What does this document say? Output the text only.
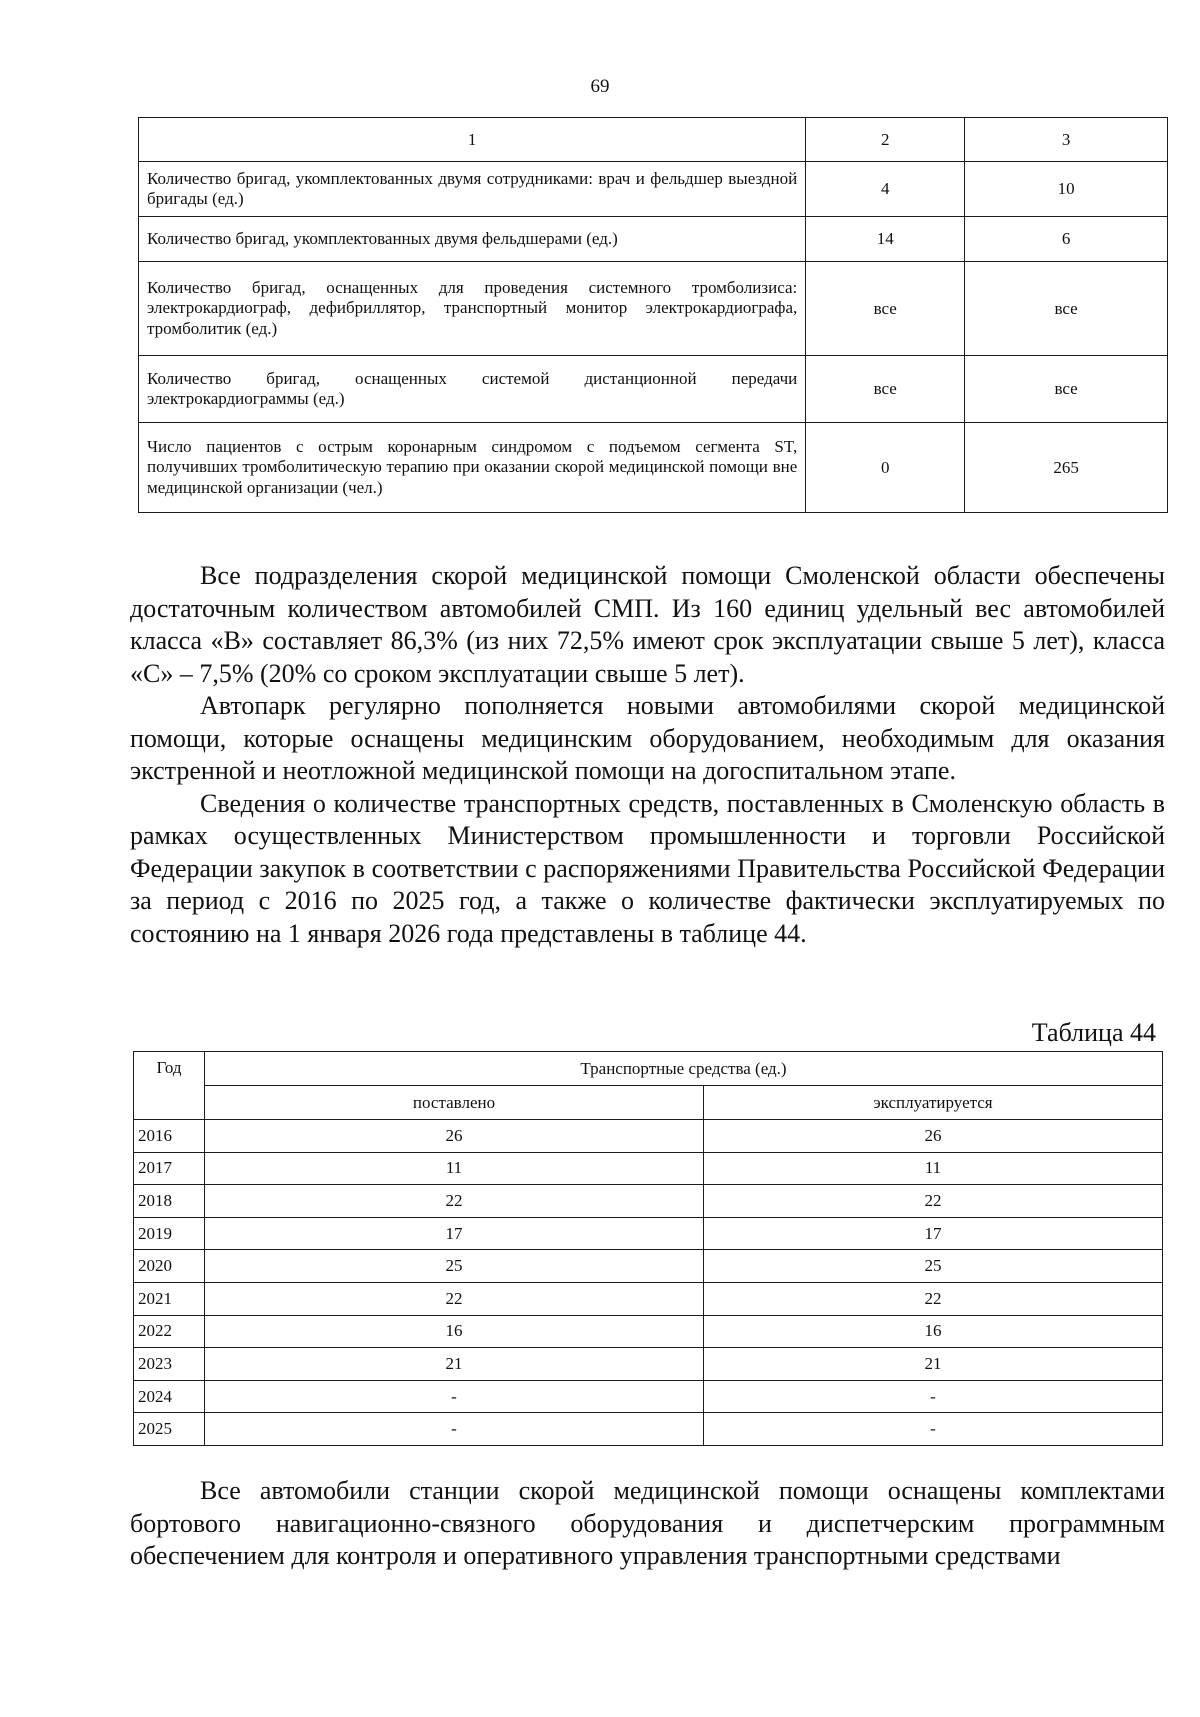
69
1	2	3
Количество бригад, укомплектованных двумя сотрудниками: врач и фельдшер выездной бригады (ед.)	4	10
Количество бригад, укомплектованных двумя фельдшерами (ед.)	14	6
Количество бригад, оснащенных для проведения системного тромболизиса: электрокардиограф, дефибриллятор, транспортный монитор электрокардиографа, тромболитик (ед.)	все	все
Количество бригад, оснащенных системой дистанционной передачи электрокардиограммы (ед.)	все	все
Число пациентов с острым коронарным синдромом с подъемом сегмента ST, получивших тромболитическую терапию при оказании скорой медицинской помощи вне медицинской организации (чел.)	0	265

Все подразделения скорой медицинской помощи Смоленской области обеспечены достаточным количеством автомобилей СМП. Из 160 единиц удельный вес автомобилей класса «В» составляет 86,3% (из них 72,5% имеют срок эксплуатации свыше 5 лет), класса «С» – 7,5% (20% со сроком эксплуатации свыше 5 лет).

Автопарк регулярно пополняется новыми автомобилями скорой медицинской помощи, которые оснащены медицинским оборудованием, необходимым для оказания экстренной и неотложной медицинской помощи на догоспитальном этапе.

Сведения о количестве транспортных средств, поставленных в Смоленскую область в рамках осуществленных Министерством промышленности и торговли Российской Федерации закупок в соответствии с распоряжениями Правительства Российской Федерации за период с 2016 по 2025 год, а также о количестве фактически эксплуатируемых по состоянию на 1 января 2026 года представлены в таблице 44.

Таблица 44
Год	Транспортные средства (ед.)	
	поставлено	эксплуатируется
2016	26	26
2017	11	11
2018	22	22
2019	17	17
2020	25	25
2021	22	22
2022	16	16
2023	21	21
2024	-	-
2025	-	-

Все автомобили станции скорой медицинской помощи оснащены комплектами бортового навигационно-связного оборудования и диспетчерским программным обеспечением для контроля и оперативного управления транспортными средствами
